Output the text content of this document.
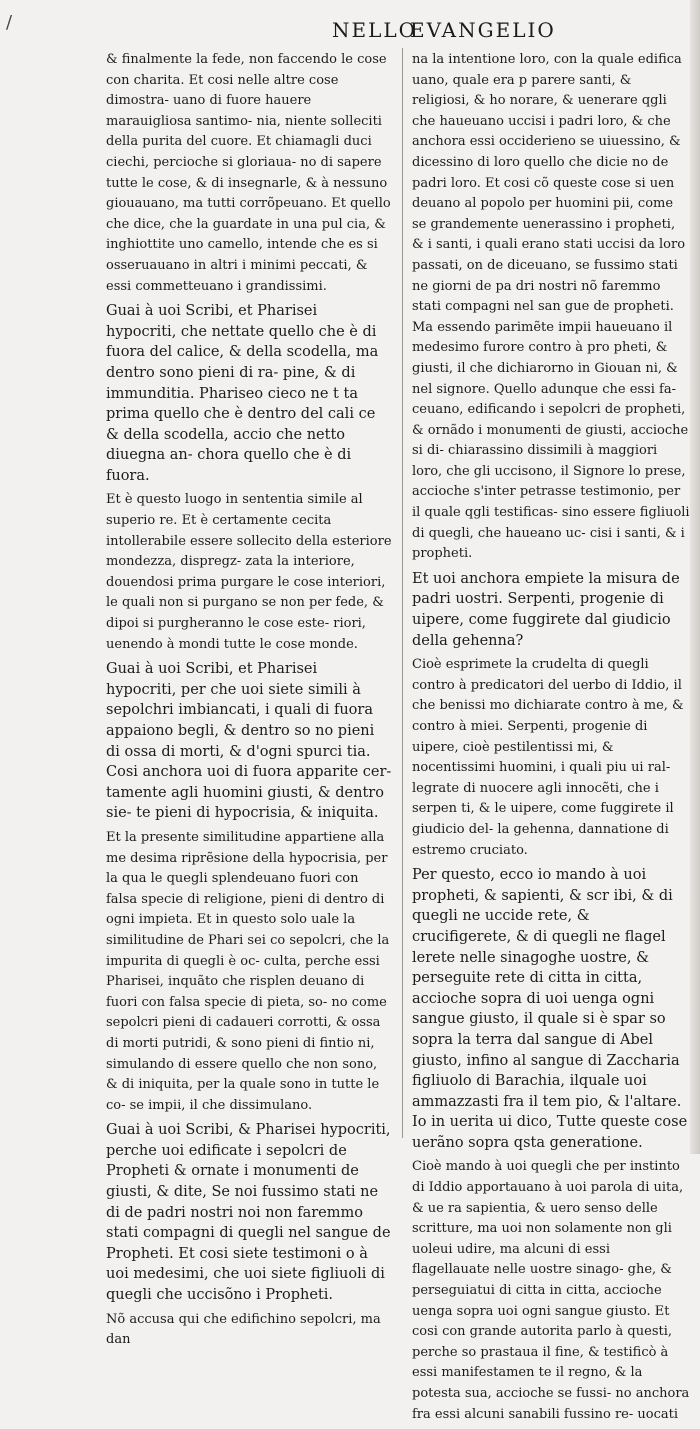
/	NELLO
EVANGELIO

& finalmente la fede, non faccendo le cose con charita. Et cosi nelle altre cose dimostra- uano di fuore hauere marauigliosa santimo- nia, niente solleciti della purita del cuore. Et chiamagli duci ciechi, percioche si gloriaua- no di sapere tutte le cose, & di insegnarle, & à nessuno giouauano, ma tutti corrõpeuano. Et quello che dice, che la guardate in una pul cia, & inghiottite uno camello, intende che es si osseruauano in altri i minimi peccati, & essi commetteuano i grandissimi.

Guai à uoi Scribi, et Pharisei hypocriti, che nettate quello che è di fuora del calice, & della scodella, ma dentro sono pieni di ra- pine, & di immunditia. Phariseo cieco ne t ta prima quello che è dentro del cali ce & della scodella, accio che netto diuegna an- chora quello che è di fuora.

Et è questo luogo in sententia simile al superio re. Et è certamente cecita intollerabile essere sollecito della esteriore mondezza, dispregz- zata la interiore, douendosi prima purgare le cose interiori, le quali non si purgano se non per fede, & dipoi si purgheranno le cose este- riori, uenendo à mondi tutte le cose monde.

Guai à uoi Scribi, et Pharisei hypocriti, per che uoi siete simili à sepolchri imbiancati, i quali di fuora appaiono begli, & dentro so no pieni di ossa di morti, & d'ogni spurci tia. Cosi anchora uoi di fuora apparite cer- tamente agli huomini giusti, & dentro sie- te pieni di hypocrisia, & iniquita.

Et la presente similitudine appartiene alla me desima riprẽsione della hypocrisia, per la qua le quegli splendeuano fuori con falsa specie di religione, pieni di dentro di ogni impieta. Et in questo solo uale la similitudine de Phari sei co sepolcri, che la impurita di quegli è oc- culta, perche essi Pharisei, inquãto che risplen deuano di fuori con falsa specie di pieta, so- no come sepolcri pieni di cadaueri corrotti, & ossa di morti putridi, & sono pieni di fintio ni, simulando di essere quello che non sono, & di iniquita, per la quale sono in tutte le co- se impii, il che dissimulano.

Guai à uoi Scribi, & Pharisei hypocriti, perche uoi edificate i sepolcri de Propheti & ornate i monumenti de giusti, & dite, Se noi fussimo stati ne di de padri nostri noi non faremmo stati compagni di quegli nel sangue de Propheti. Et cosi siete testimoni o à uoi medesimi, che uoi siete figliuoli di quegli che uccisõno i Propheti.

Nõ accusa qui che edifichino sepolcri, ma dan

na la intentione loro, con la quale edifica uano, quale era p parere santi, & religiosi, & ho norare, & uenerare qgli che haueuano uccisi i padri loro, & che anchora essi occiderieno se uiuessino, & dicessino di loro quello che dicie no de padri loro. Et cosi cõ queste cose si uen deuano al popolo per huomini pii, come se grandemente uenerassino i propheti, & i santi, i quali erano stati uccisi da loro passati, on de diceuano, se fussimo stati ne giorni de pa dri nostri nõ faremmo stati compagni nel san gue de propheti. Ma essendo parimẽte impii haueuano il medesimo furore contro à pro pheti, & giusti, il che dichiarorno in Giouan ni, & nel signore. Quello adunque che essi fa- ceuano, edificando i sepolcri de propheti, & ornãdo i monumenti de giusti, accioche si di- chiarassino dissimili à maggiori loro, che gli uccisono, il Signore lo prese, accioche s'inter petrasse testimonio, per il quale qgli testificas- sino essere figliuoli di quegli, che haueano uc- cisi i santi, & i propheti.

Et uoi anchora empiete la misura de padri uostri. Serpenti, progenie di uipere, come fuggirete dal giudicio della gehenna?

Cioè esprimete la crudelta di quegli contro à predicatori del uerbo di Iddio, il che benissi mo dichiarate contro à me, & contro à miei. Serpenti, progenie di uipere, cioè pestilentissi mi, & nocentissimi huomini, i quali piu ui ral- legrate di nuocere agli innocẽti, che i serpen ti, & le uipere, come fuggirete il giudicio del- la gehenna, dannatione di estremo cruciato.

Per questo, ecco io mando à uoi propheti, & sapienti, & scr ibi, & di quegli ne uccide rete, & crucifigerete, & di quegli ne flagel lerete nelle sinagoghe uostre, & perseguite rete di citta in citta, accioche sopra di uoi uenga ogni sangue giusto, il quale si è spar so sopra la terra dal sangue di Abel giusto, infino al sangue di Zaccharia figliuolo di Barachia, ilquale uoi ammazzasti fra il tem pio, & l'altare. Io in uerita ui dico, Tutte queste cose uerãno sopra qsta generatione.

Cioè mando à uoi quegli che per instinto di Iddio apportauano à uoi parola di uita, & ue ra sapientia, & uero senso delle scritture, ma uoi non solamente non gli uoleui udire, ma alcuni di essi flagellauate nelle uostre sinago- ghe, & perseguiatui di citta in citta, accioche uenga sopra uoi ogni sangue giusto. Et cosi con grande autorita parlo à questi, perche so prastaua il fine, & testificò à essi manifestamen te il regno, & la potesta sua, accioche se fussi- no anchora fra essi alcuni sanabili fussino re- uocati
